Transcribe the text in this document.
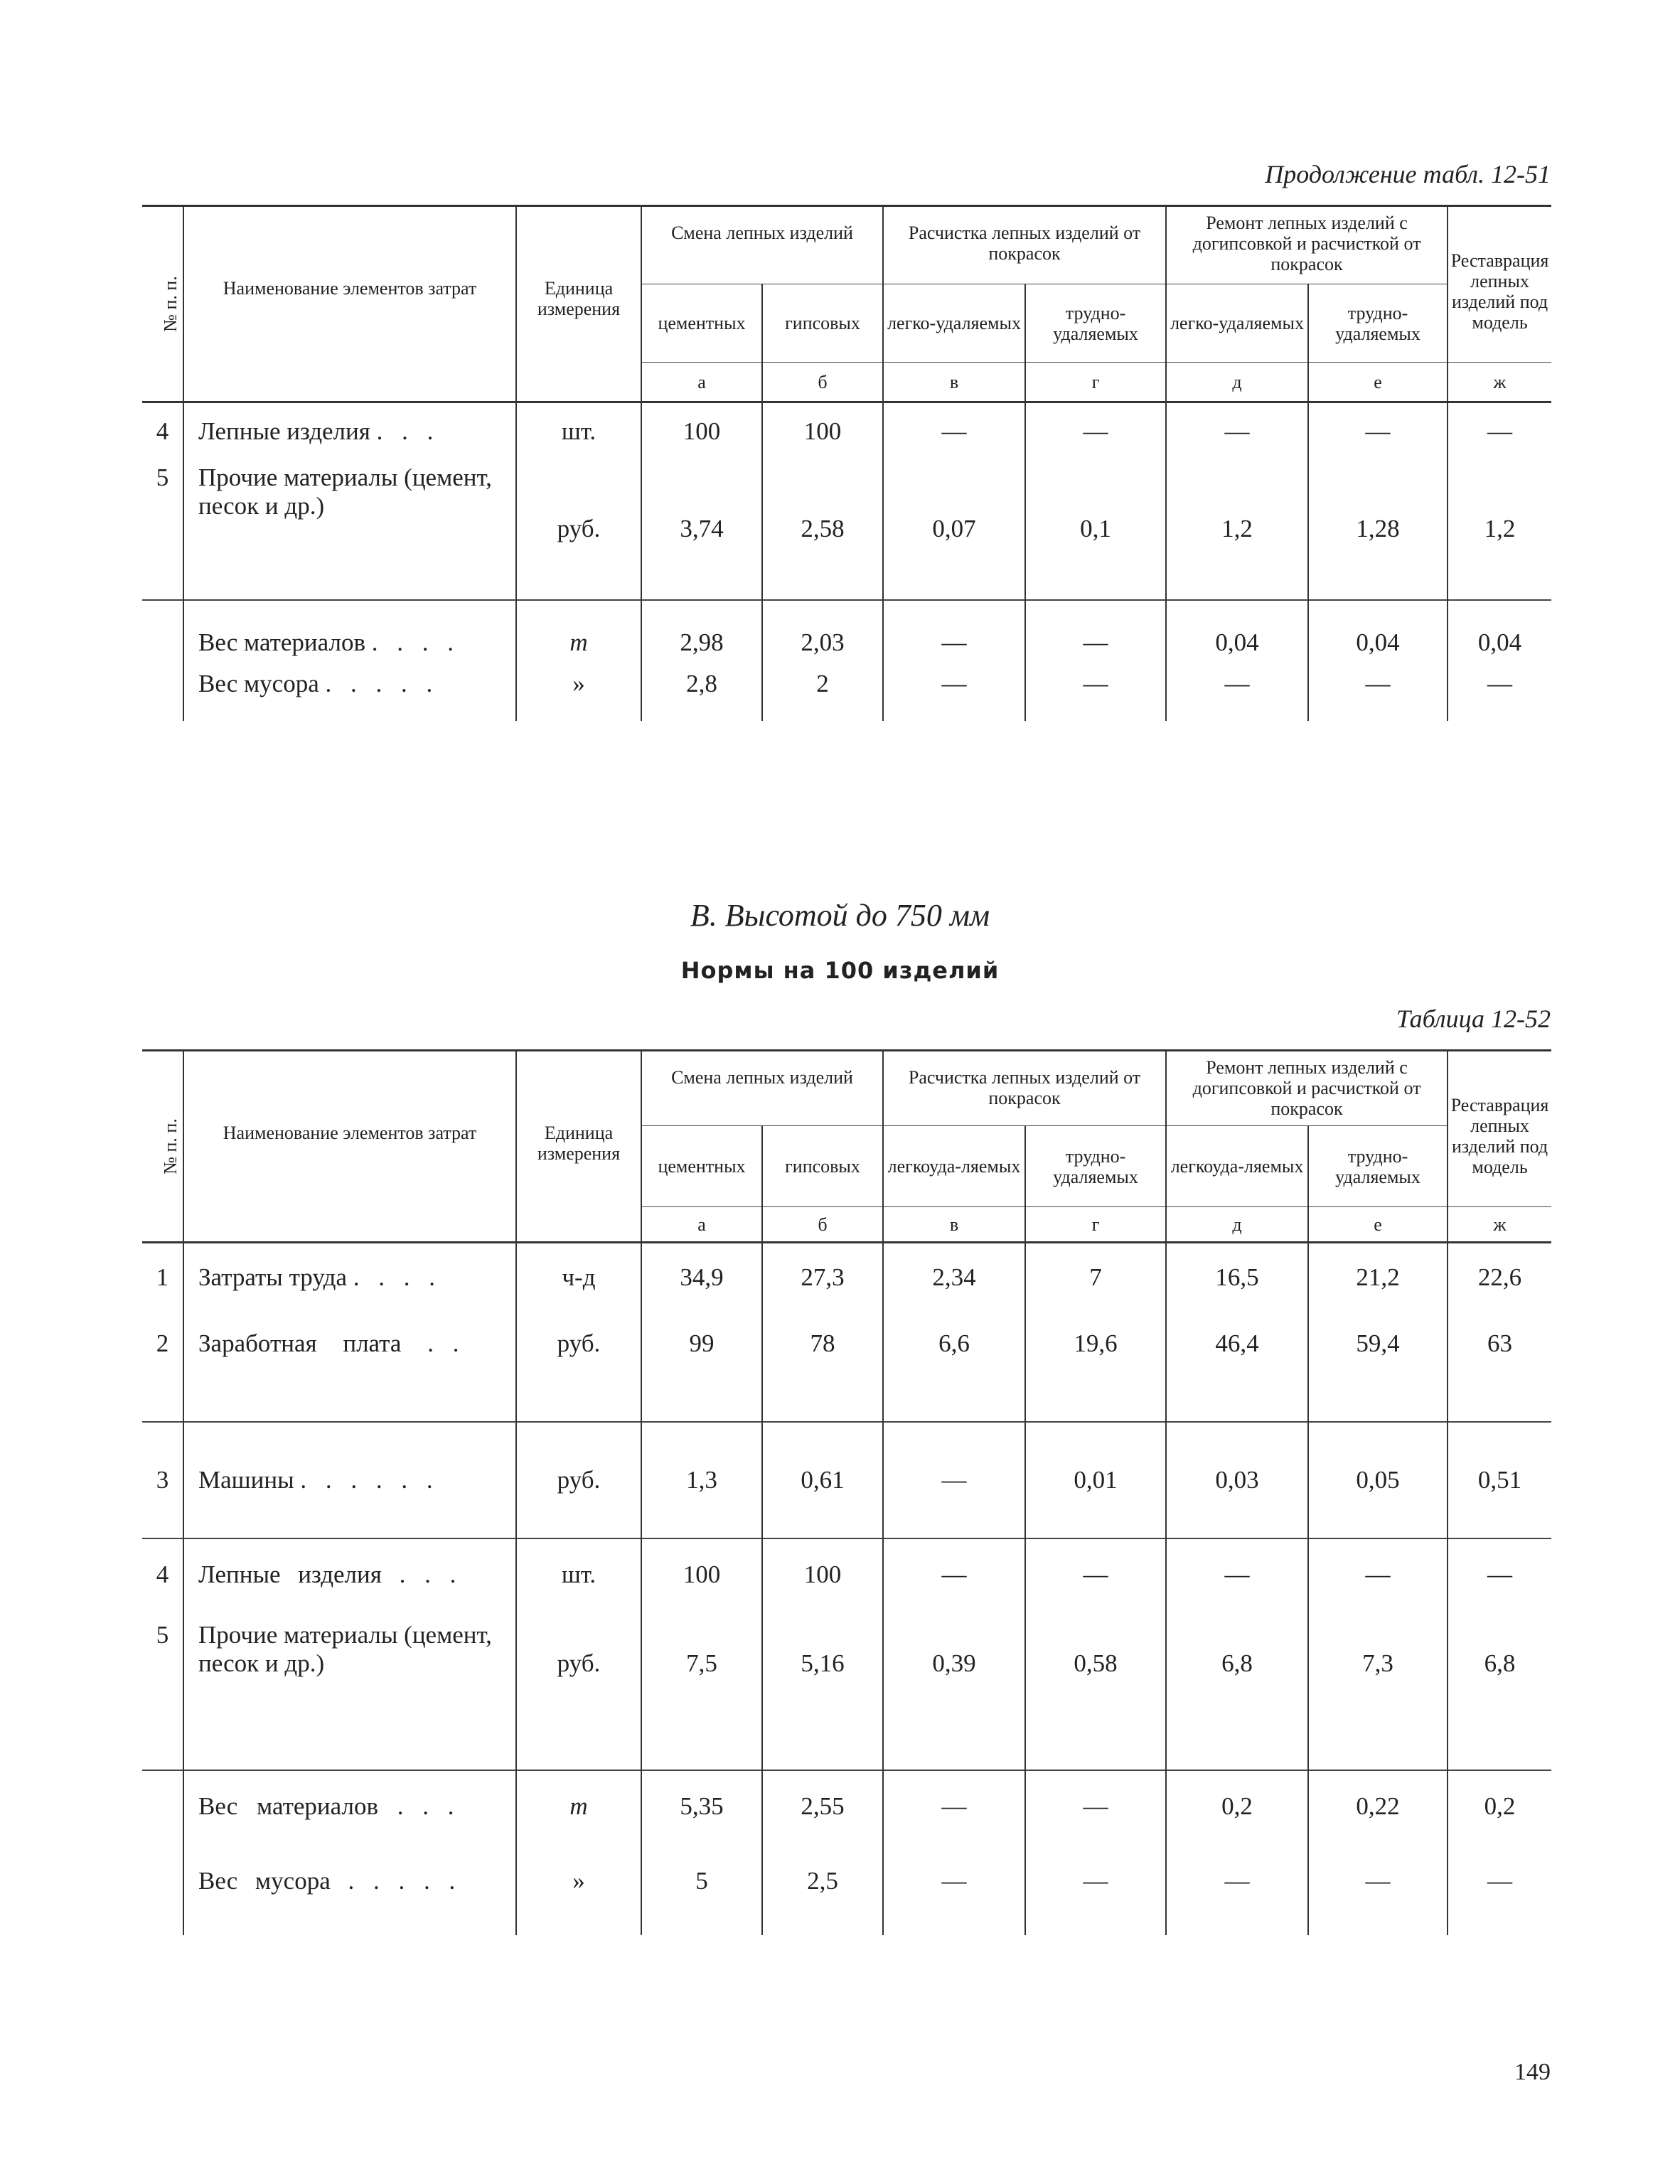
Продолжение табл. 12-51
№ п. п.	Наименование элементов затрат	Единица измерения	Смена лепных изделий		Расчистка лепных изделий от покрасок		Ремонт лепных изделий с догипсовкой и расчисткой от покрасок		Реставрация лепных изделий под модель
			цементных	гипсовых	легко-удаляемых	трудно-удаляемых	легко-удаляемых	трудно-удаляемых	
			а	б	в	г	д	е	ж
4	Лепные изделия . . .	шт.	100	100	—	—	—	—	—
5	Прочие материалы (цемент, песок и др.)	руб.	3,74	2,58	0,07	0,1	1,2	1,28	1,2
	Вес материалов . . . .	т	2,98	2,03	—	—	0,04	0,04	0,04
	Вес мусора . . . . .	»	2,8	2	—	—	—	—	—
В. Высотой до 750 мм
Нормы на 100 изделий
Таблица 12-52
№ п. п.	Наименование элементов затрат	Единица измерения	Смена лепных изделий		Расчистка лепных изделий от покрасок		Ремонт лепных изделий с догипсовкой и расчисткой от покрасок		Реставрация лепных изделий под модель
			цементных	гипсовых	легкоуда-ляемых	трудно-удаляемых	легкоуда-ляемых	трудно-удаляемых	
			а	б	в	г	д	е	ж
1	Затраты труда . . . .	ч-д	34,9	27,3	2,34	7	16,5	21,2	22,6
2	Заработная плата . .	руб.	99	78	6,6	19,6	46,4	59,4	63
3	Машины . . . . . .	руб.	1,3	0,61	—	0,01	0,03	0,05	0,51
4	Лепные изделия . . .	шт.	100	100	—	—	—	—	—
5	Прочие материалы (цемент, песок и др.)	руб.	7,5	5,16	0,39	0,58	6,8	7,3	6,8
	Вес материалов . . .	т	5,35	2,55	—	—	0,2	0,22	0,2
	Вес мусора . . . . .	»	5	2,5	—	—	—	—	—
149
